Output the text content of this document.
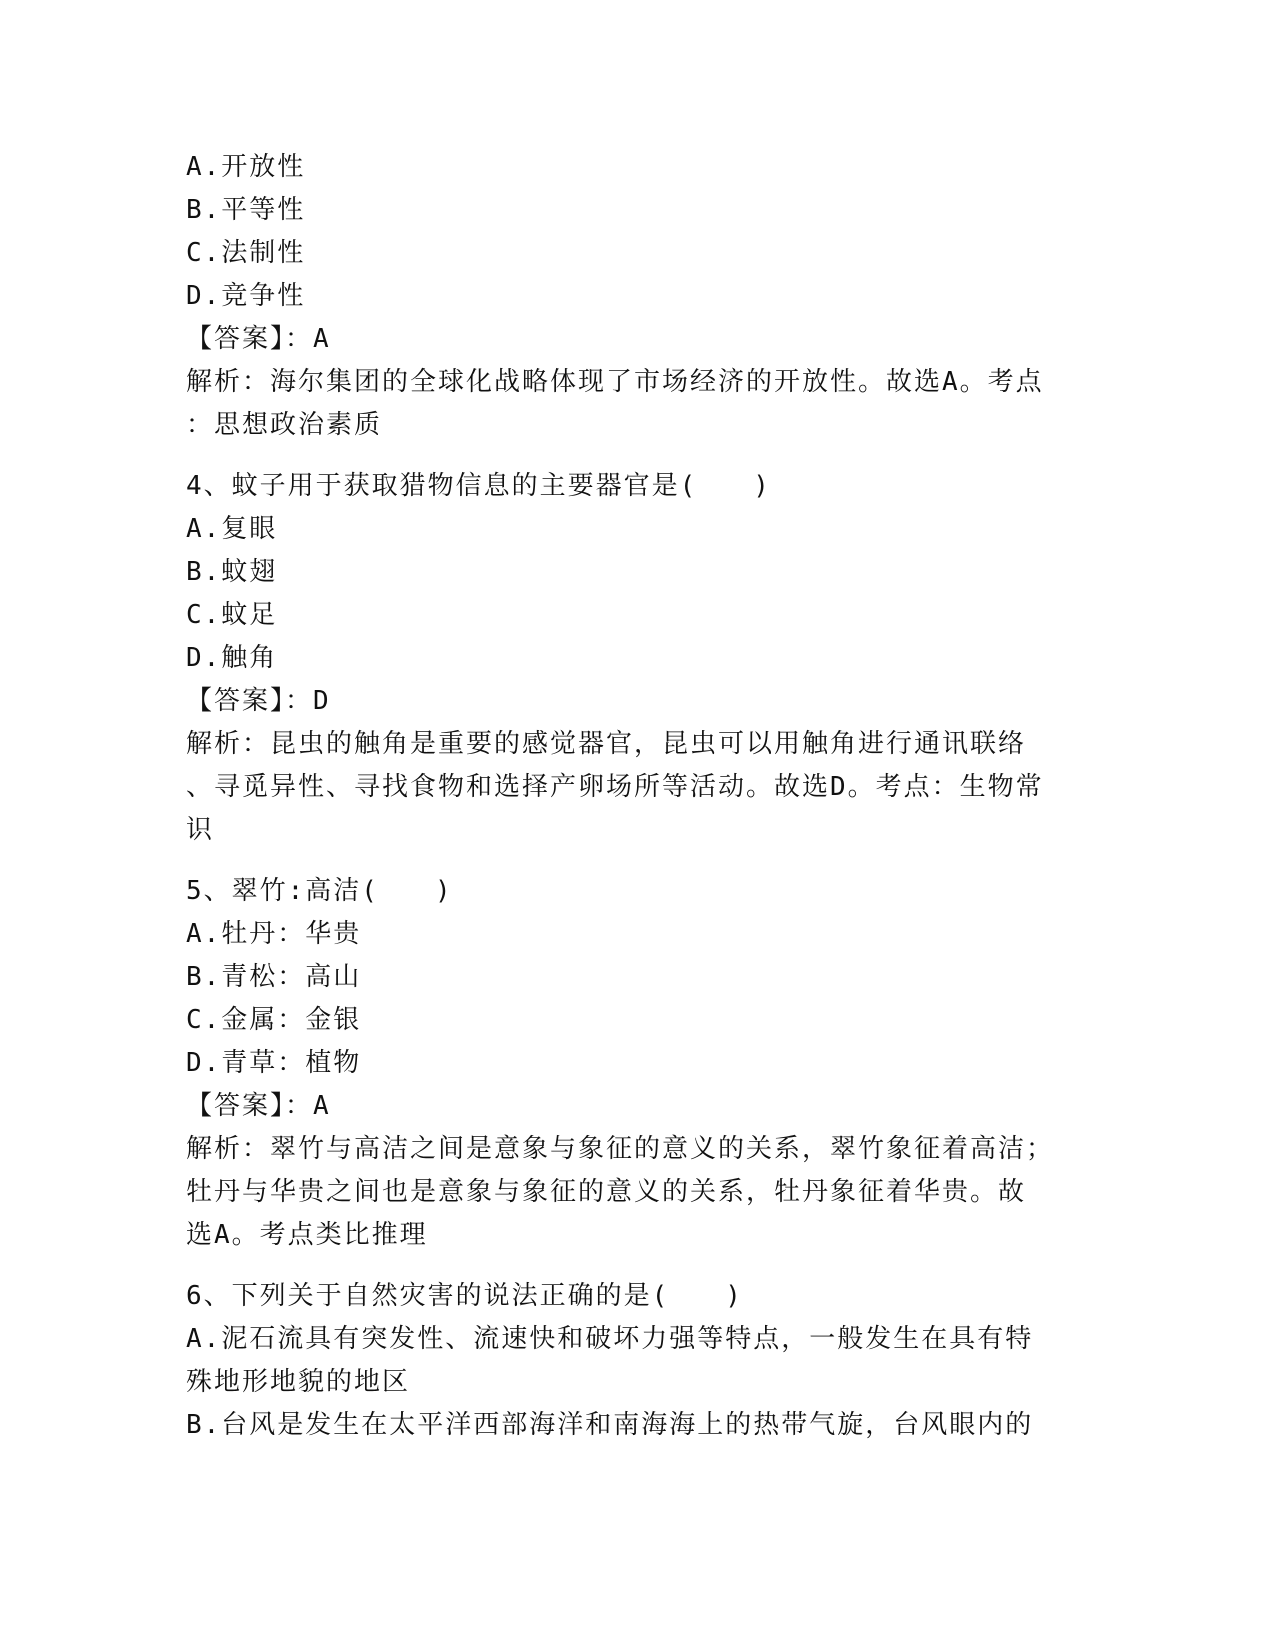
A.开放性
B.平等性
C.法制性
D.竞争性
【答案】：A
解析：海尔集团的全球化战略体现了市场经济的开放性。故选A。考点
：思想政治素质
4、蚊子用于获取猎物信息的主要器官是(　　)
A.复眼
B.蚊翅
C.蚊足
D.触角
【答案】：D
解析：昆虫的触角是重要的感觉器官，昆虫可以用触角进行通讯联络
、寻觅异性、寻找食物和选择产卵场所等活动。故选D。考点：生物常
识
5、翠竹:高洁(　　)
A.牡丹：华贵
B.青松：高山
C.金属：金银
D.青草：植物
【答案】：A
解析：翠竹与高洁之间是意象与象征的意义的关系，翠竹象征着高洁；
牡丹与华贵之间也是意象与象征的意义的关系，牡丹象征着华贵。故
选A。考点类比推理
6、下列关于自然灾害的说法正确的是(　　)
A.泥石流具有突发性、流速快和破坏力强等特点，一般发生在具有特
殊地形地貌的地区
B.台风是发生在太平洋西部海洋和南海海上的热带气旋，台风眼内的
